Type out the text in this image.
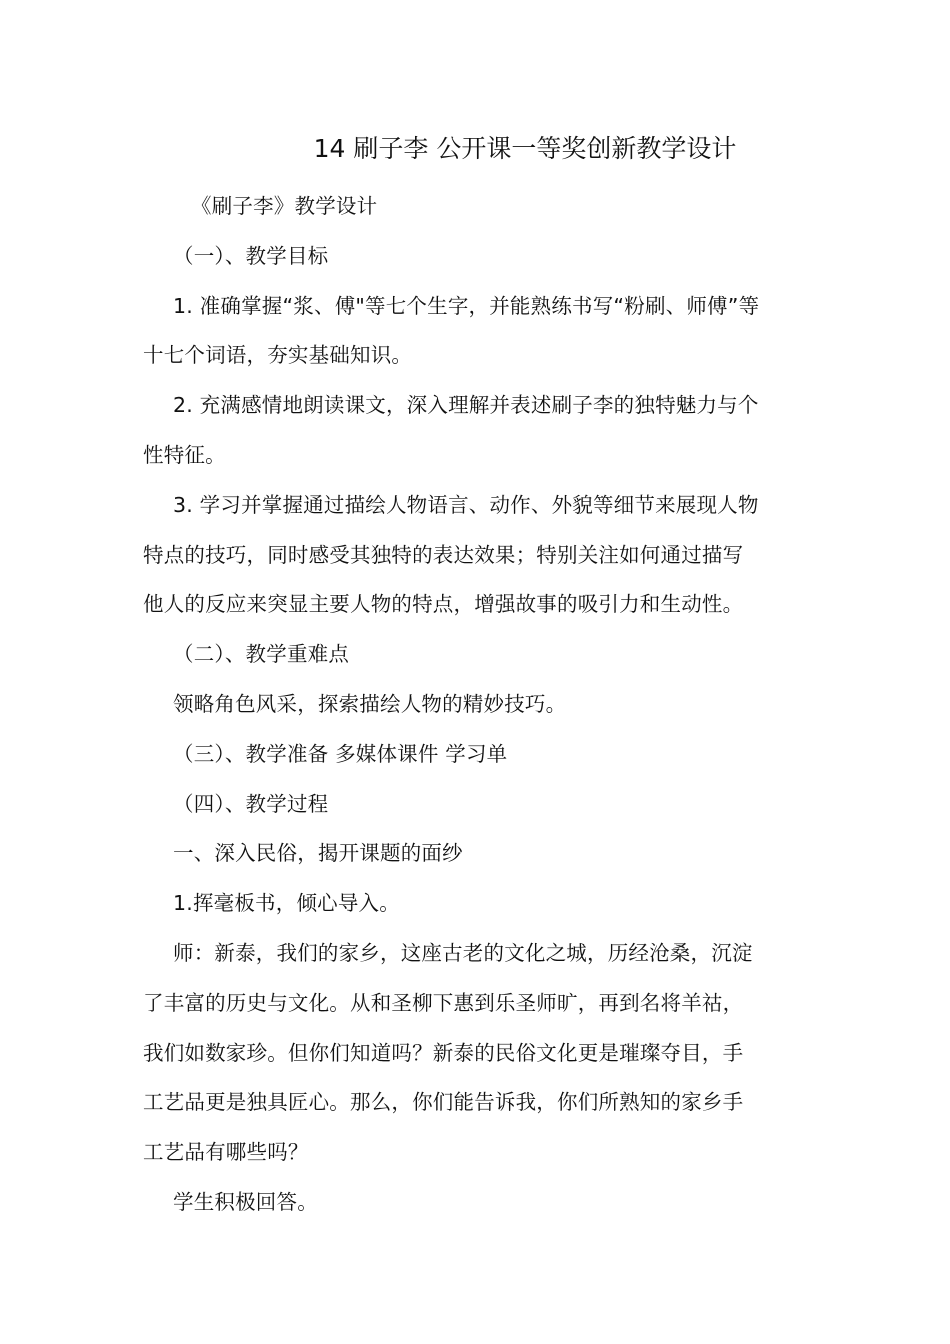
14 刷子李 公开课一等奖创新教学设计

《刷子李》教学设计

（一）、教学目标

1. 准确掌握“浆、傅"等七个生字，并能熟练书写“粉刷、师傅”等

十七个词语，夯实基础知识。

2. 充满感情地朗读课文，深入理解并表述刷子李的独特魅力与个

性特征。

3. 学习并掌握通过描绘人物语言、动作、外貌等细节来展现人物

特点的技巧，同时感受其独特的表达效果；特别关注如何通过描写

他人的反应来突显主要人物的特点，增强故事的吸引力和生动性。

（二）、教学重难点

领略角色风采，探索描绘人物的精妙技巧。

（三）、教学准备 多媒体课件 学习单

（四）、教学过程

一、深入民俗，揭开课题的面纱

1.挥毫板书，倾心导入。

师：新泰，我们的家乡，这座古老的文化之城，历经沧桑，沉淀

了丰富的历史与文化。从和圣柳下惠到乐圣师旷，再到名将羊祜，

我们如数家珍。但你们知道吗？新泰的民俗文化更是璀璨夺目，手

工艺品更是独具匠心。那么，你们能告诉我，你们所熟知的家乡手

工艺品有哪些吗？

学生积极回答。
